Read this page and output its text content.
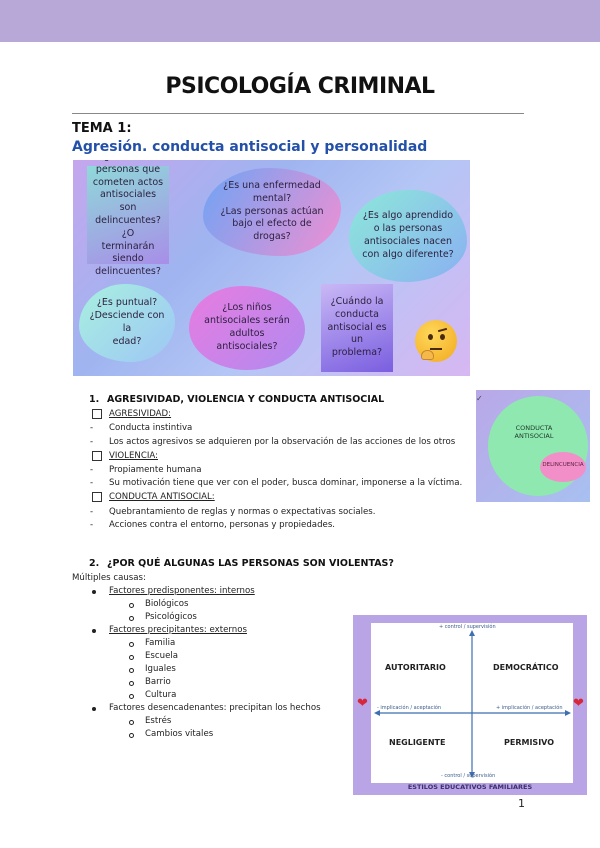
PSICOLOGÍA CRIMINAL
TEMA 1:
Agresión. conducta antisocial y personalidad
personas que
cometen actos
antisociales son
delincuentes? ¿O
terminarán siendo
delincuentes?
¿Es una enfermedad
mental?
¿Las personas actúan
bajo el efecto de drogas?
¿Es algo aprendido
o las personas
antisociales nacen
con algo diferente?
¿Es puntual?
¿Desciende con la
edad?
¿Los niños
antisociales serán
adultos antisociales?
¿Cuándo la
conducta
antisocial es un
problema?
1. AGRESIVIDAD, VIOLENCIA Y CONDUCTA ANTISOCIAL
AGRESIVIDAD:
- Conducta instintiva
- Los actos agresivos se adquieren por la observación de las acciones de los otros
VIOLENCIA:
- Propiamente humana
- Su motivación tiene que ver con el poder, busca dominar, imponerse a la víctima.
CONDUCTA ANTISOCIAL:
- Quebrantamiento de reglas y normas o expectativas sociales.
- Acciones contra el entorno, personas y propiedades.
✓
CONDUCTA
ANTISOCIAL
DELINCUENCIA
2. ¿POR QUÉ ALGUNAS LAS PERSONAS SON VIOLENTAS?
Múltiples causas:
Factores predisponentes: internos
Biológicos
Psicológicos
Factores precipitantes: externos
Familia
Escuela
Iguales
Barrio
Cultura
Factores desencadenantes: precipitan los hechos
Estrés
Cambios vitales
+ control / supervisión
- control / supervisión
- implicación / aceptación	+ implicación / aceptación
AUTORITARIO	DEMOCRÁTICO
NEGLIGENTE	PERMISIVO
❤	❤
ESTILOS EDUCATIVOS FAMILIARES
1
